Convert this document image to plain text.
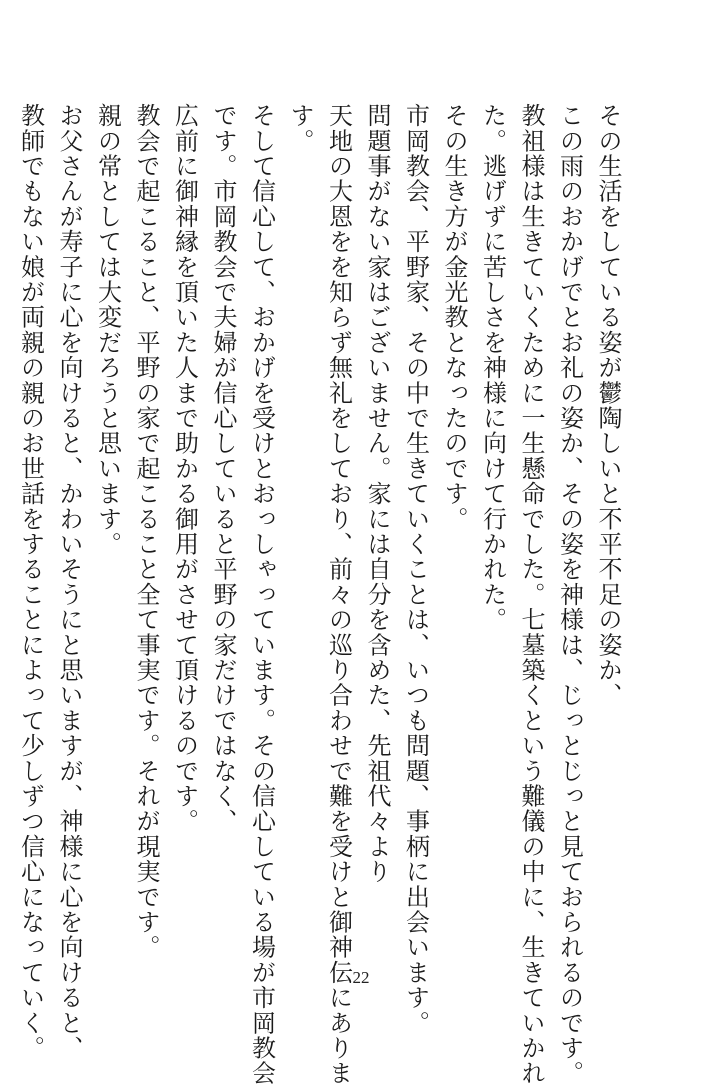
その生活をしている姿が鬱陶しいと不平不足の姿か、
この雨のおかげでとお礼の姿か、その姿を神様は、じっとじっと見ておられるのです。
教祖様は生きていくために一生懸命でした。七墓築くという難儀の中に、生きていかれ
た。逃げずに苦しさを神様に向けて行かれた。
その生き方が金光教となったのです。
市岡教会、平野家、その中で生きていくことは、いつも問題、事柄に出会います。
問題事がない家はございません。家には自分を含めた、先祖代々より
天地の大恩をを知らず無礼をしており、前々の巡り合わせで難を受けと御神伝にありま
す。
そして信心して、おかげを受けとおっしゃっています。その信心している場が市岡教会
です。市岡教会で夫婦が信心していると平野の家だけではなく、
広前に御神縁を頂いた人まで助かる御用がさせて頂けるのです。
教会で起こること、平野の家で起こること全て事実です。それが現実です。
親の常としては大変だろうと思います。
お父さんが寿子に心を向けると、かわいそうにと思いますが、神様に心を向けると、
教師でもない娘が両親の親のお世話をすることによって少しずつ信心になっていく。	22
